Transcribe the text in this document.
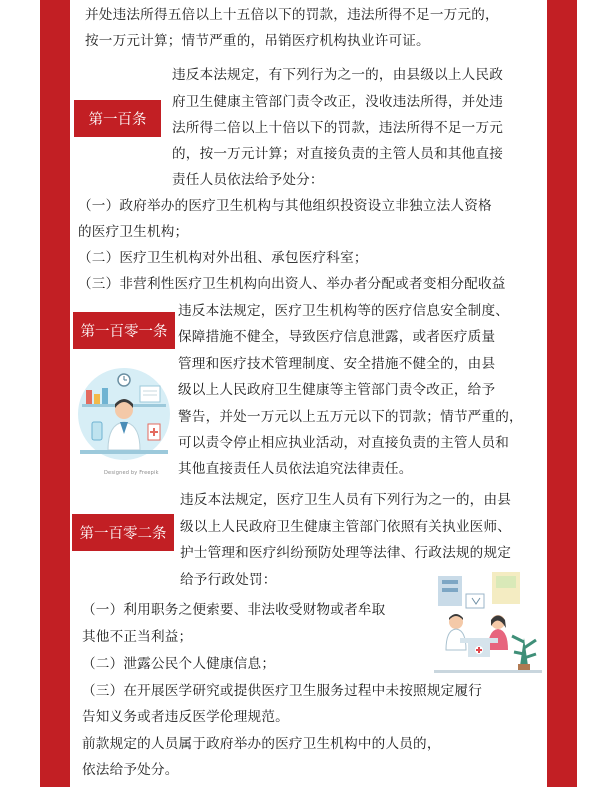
并处违法所得五倍以上十五倍以下的罚款，违法所得不足一万元的，
按一万元计算；情节严重的，吊销医疗机构执业许可证。
第一百条
违反本法规定，有下列行为之一的，由县级以上人民政
府卫生健康主管部门责令改正，没收违法所得，并处违
法所得二倍以上十倍以下的罚款，违法所得不足一万元
的，按一万元计算；对直接负责的主管人员和其他直接
责任人员依法给予处分：
（一）政府举办的医疗卫生机构与其他组织投资设立非独立法人资格
的医疗卫生机构；
（二）医疗卫生机构对外出租、承包医疗科室；
（三）非营利性医疗卫生机构向出资人、举办者分配或者变相分配收益
第一百零一条
违反本法规定，医疗卫生机构等的医疗信息安全制度、
保障措施不健全，导致医疗信息泄露，或者医疗质量
管理和医疗技术管理制度、安全措施不健全的，由县
级以上人民政府卫生健康等主管部门责令改正，给予
警告，并处一万元以上五万元以下的罚款；情节严重的，
可以责令停止相应执业活动，对直接负责的主管人员和
其他直接责任人员依法追究法律责任。
Designed by Freepik
第一百零二条
违反本法规定，医疗卫生人员有下列行为之一的，由县
级以上人民政府卫生健康主管部门依照有关执业医师、
护士管理和医疗纠纷预防处理等法律、行政法规的规定
给予行政处罚：
（一）利用职务之便索要、非法收受财物或者牟取
其他不正当利益；
（二）泄露公民个人健康信息；
（三）在开展医学研究或提供医疗卫生服务过程中未按照规定履行
告知义务或者违反医学伦理规范。
前款规定的人员属于政府举办的医疗卫生机构中的人员的，
依法给予处分。
